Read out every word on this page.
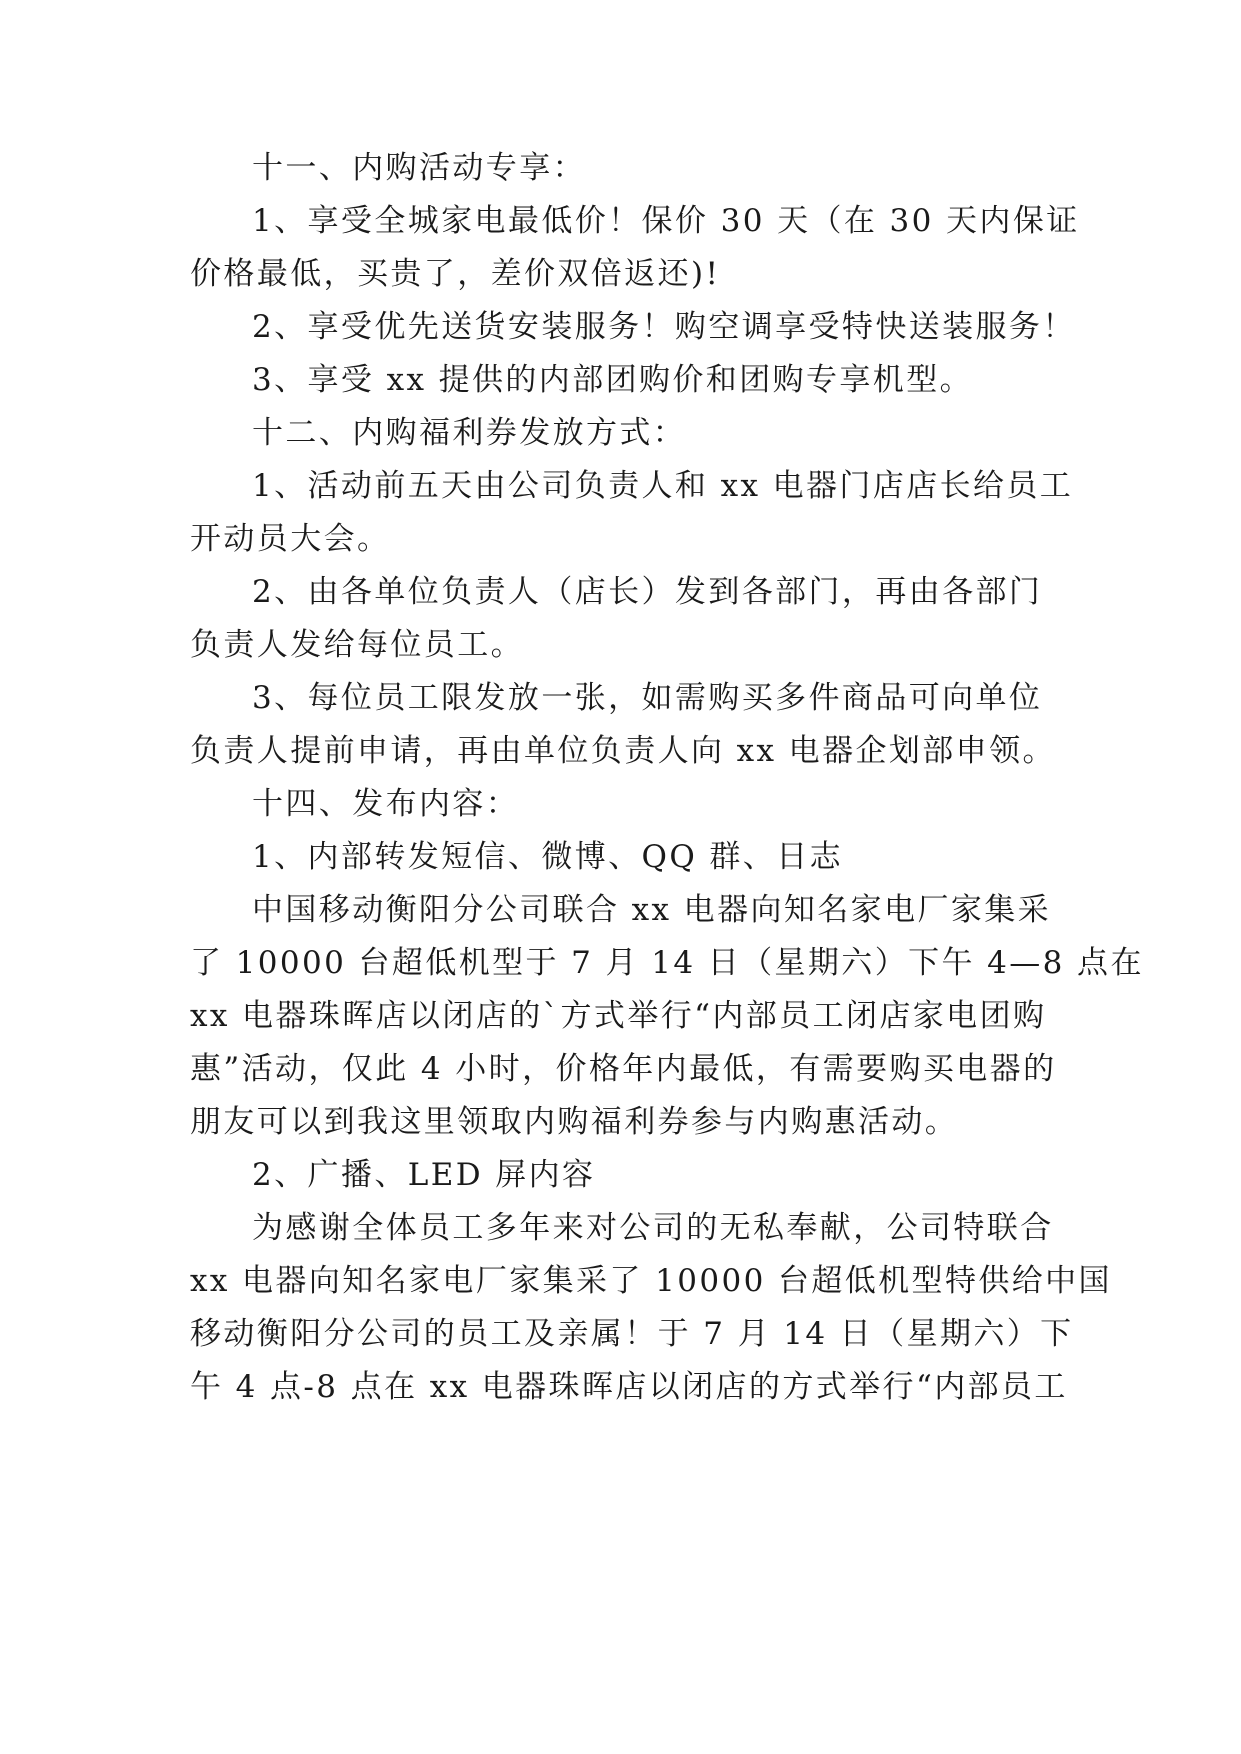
十一、内购活动专享：
1、享受全城家电最低价！保价 30 天（在 30 天内保证
价格最低，买贵了，差价双倍返还)!
2、享受优先送货安装服务！购空调享受特快送装服务！
3、享受 xx 提供的内部团购价和团购专享机型。
十二、内购福利券发放方式：
1、活动前五天由公司负责人和 xx 电器门店店长给员工
开动员大会。
2、由各单位负责人（店长）发到各部门，再由各部门
负责人发给每位员工。
3、每位员工限发放一张，如需购买多件商品可向单位
负责人提前申请，再由单位负责人向 xx 电器企划部申领。
十四、发布内容：
1、内部转发短信、微博、QQ 群、日志
中国移动衡阳分公司联合 xx 电器向知名家电厂家集采
了 10000 台超低机型于 7 月 14 日（星期六）下午 4—8 点在
xx 电器珠晖店以闭店的`方式举行“内部员工闭店家电团购
惠”活动，仅此 4 小时，价格年内最低，有需要购买电器的
朋友可以到我这里领取内购福利券参与内购惠活动。
2、广播、LED 屏内容
为感谢全体员工多年来对公司的无私奉献，公司特联合
xx 电器向知名家电厂家集采了 10000 台超低机型特供给中国
移动衡阳分公司的员工及亲属！于 7 月 14 日（星期六）下
午 4 点-8 点在 xx 电器珠晖店以闭店的方式举行“内部员工
